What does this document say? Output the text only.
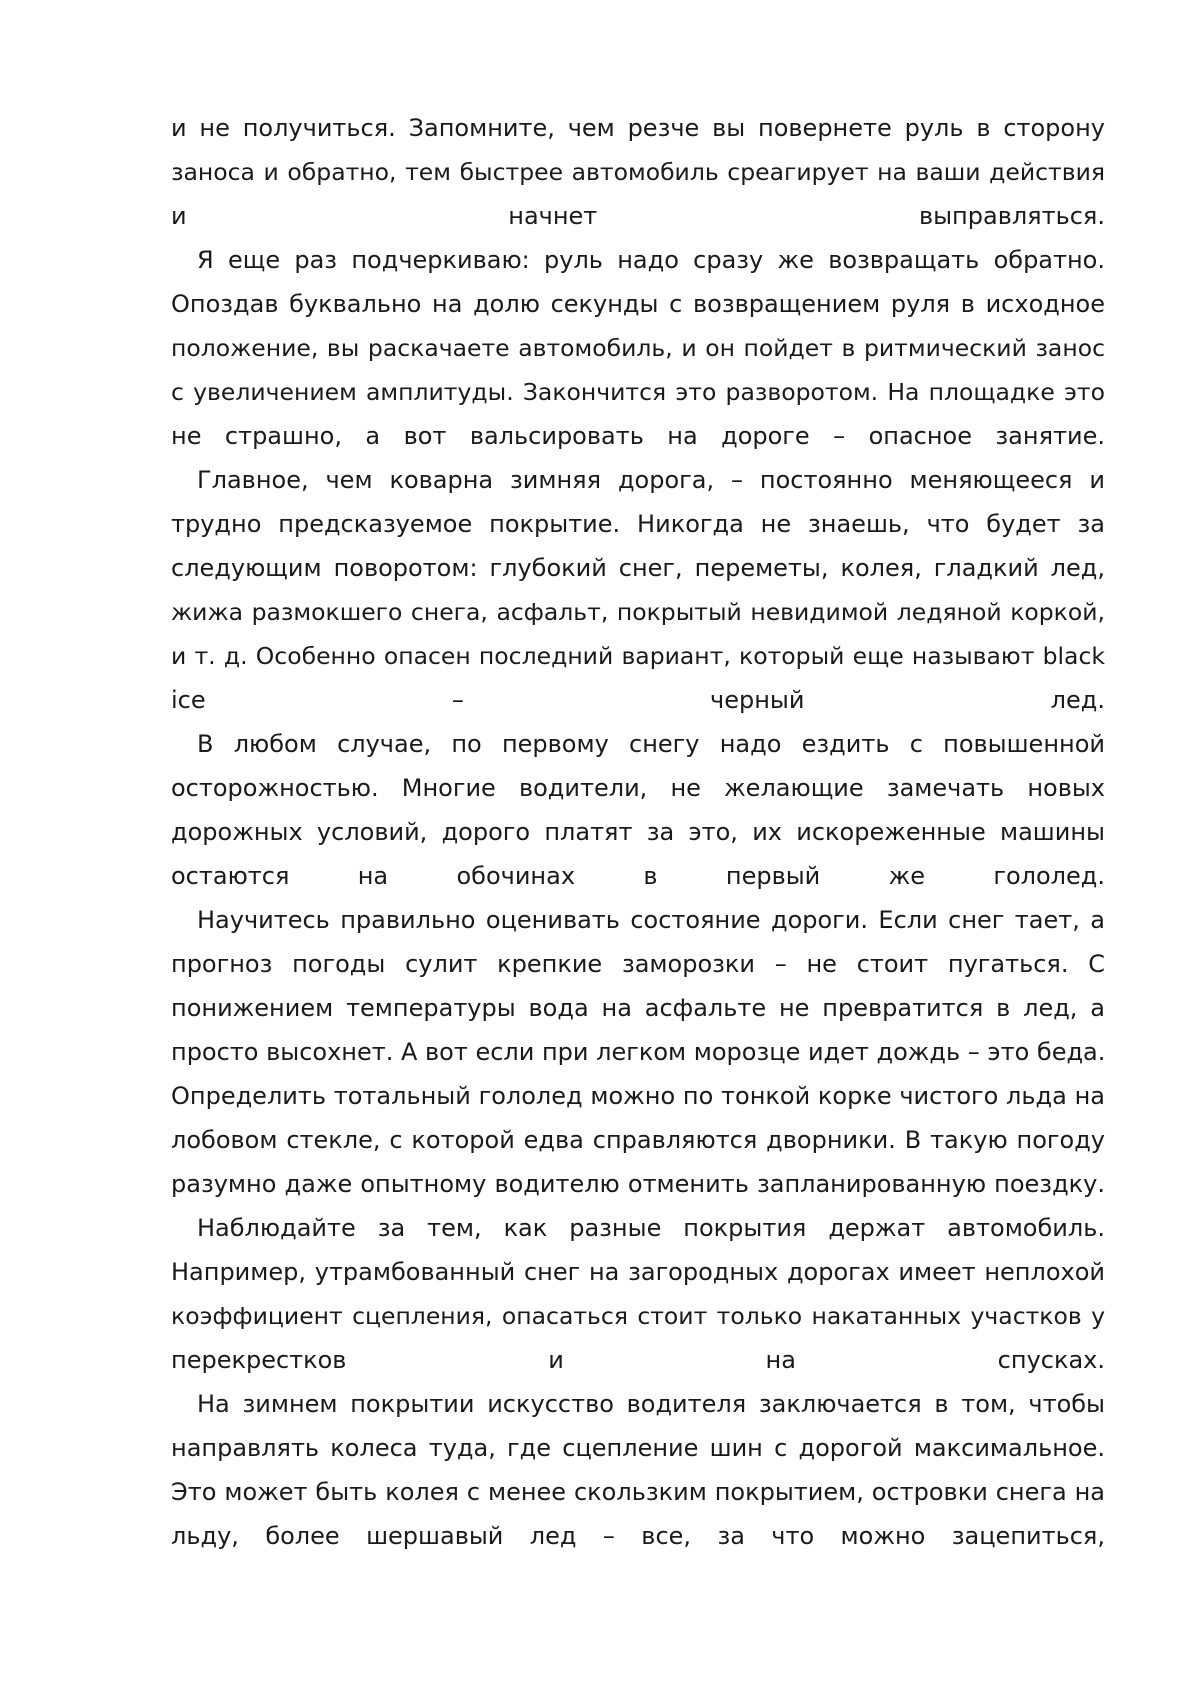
и не получиться. Запомните, чем резче вы повернете руль в сторону
заноса и обратно, тем быстрее автомобиль среагирует на ваши действия
и начнет выправляться.
Я еще раз подчеркиваю: руль надо сразу же возвращать обратно.
Опоздав буквально на долю секунды с возвращением руля в исходное
положение, вы раскачаете автомобиль, и он пойдет в ритмический занос
с увеличением амплитуды. Закончится это разворотом. На площадке это
не страшно, а вот вальсировать на дороге – опасное занятие.
Главное, чем коварна зимняя дорога, – постоянно меняющееся и
трудно предсказуемое покрытие. Никогда не знаешь, что будет за
следующим поворотом: глубокий снег, переметы, колея, гладкий лед,
жижа размокшего снега, асфальт, покрытый невидимой ледяной коркой,
и т. д. Особенно опасен последний вариант, который еще называют black
ice – черный лед.
В любом случае, по первому снегу надо ездить с повышенной
осторожностью. Многие водители, не желающие замечать новых
дорожных условий, дорого платят за это, их искореженные машины
остаются на обочинах в первый же гололед.
Научитесь правильно оценивать состояние дороги. Если снег тает, а
прогноз погоды сулит крепкие заморозки – не стоит пугаться. С
понижением температуры вода на асфальте не превратится в лед, а
просто высохнет. А вот если при легком морозце идет дождь – это беда.
Определить тотальный гололед можно по тонкой корке чистого льда на
лобовом стекле, с которой едва справляются дворники. В такую погоду
разумно даже опытному водителю отменить запланированную поездку.
Наблюдайте за тем, как разные покрытия держат автомобиль.
Например, утрамбованный снег на загородных дорогах имеет неплохой
коэффициент сцепления, опасаться стоит только накатанных участков у
перекрестков и на спусках.
На зимнем покрытии искусство водителя заключается в том, чтобы
направлять колеса туда, где сцепление шин с дорогой максимальное.
Это может быть колея с менее скользким покрытием, островки снега на
льду, более шершавый лед – все, за что можно зацепиться,
